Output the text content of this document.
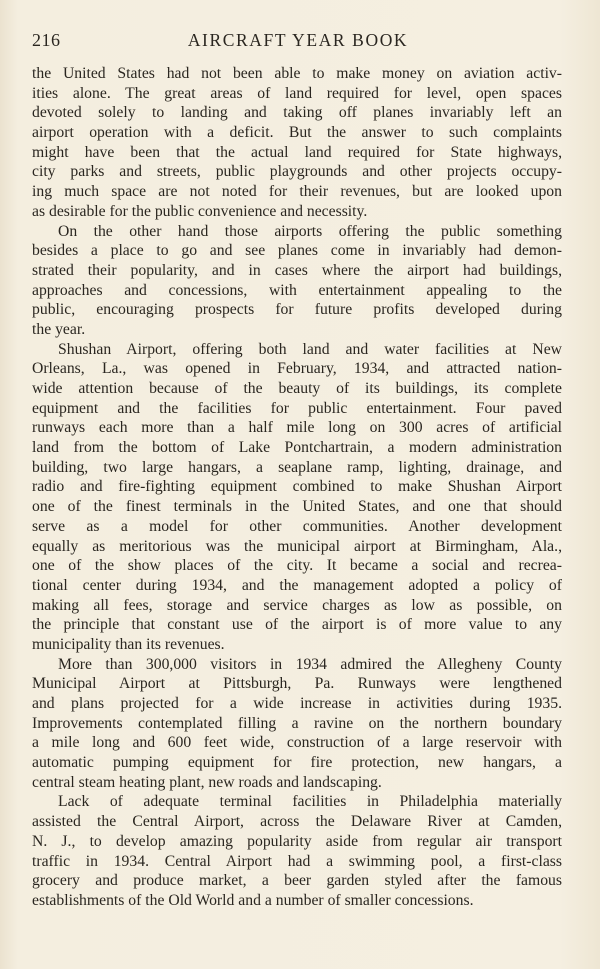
216	AIRCRAFT YEAR BOOK
the United States had not been able to make money on aviation activ-
ities alone. The great areas of land required for level, open spaces
devoted solely to landing and taking off planes invariably left an
airport operation with a deficit. But the answer to such complaints
might have been that the actual land required for State highways,
city parks and streets, public playgrounds and other projects occupy-
ing much space are not noted for their revenues, but are looked upon
as desirable for the public convenience and necessity.
On the other hand those airports offering the public something
besides a place to go and see planes come in invariably had demon-
strated their popularity, and in cases where the airport had buildings,
approaches and concessions, with entertainment appealing to the
public, encouraging prospects for future profits developed during
the year.
Shushan Airport, offering both land and water facilities at New
Orleans, La., was opened in February, 1934, and attracted nation-
wide attention because of the beauty of its buildings, its complete
equipment and the facilities for public entertainment. Four paved
runways each more than a half mile long on 300 acres of artificial
land from the bottom of Lake Pontchartrain, a modern administration
building, two large hangars, a seaplane ramp, lighting, drainage, and
radio and fire-fighting equipment combined to make Shushan Airport
one of the finest terminals in the United States, and one that should
serve as a model for other communities. Another development
equally as meritorious was the municipal airport at Birmingham, Ala.,
one of the show places of the city. It became a social and recrea-
tional center during 1934, and the management adopted a policy of
making all fees, storage and service charges as low as possible, on
the principle that constant use of the airport is of more value to any
municipality than its revenues.
More than 300,000 visitors in 1934 admired the Allegheny County
Municipal Airport at Pittsburgh, Pa. Runways were lengthened
and plans projected for a wide increase in activities during 1935.
Improvements contemplated filling a ravine on the northern boundary
a mile long and 600 feet wide, construction of a large reservoir with
automatic pumping equipment for fire protection, new hangars, a
central steam heating plant, new roads and landscaping.
Lack of adequate terminal facilities in Philadelphia materially
assisted the Central Airport, across the Delaware River at Camden,
N. J., to develop amazing popularity aside from regular air transport
traffic in 1934. Central Airport had a swimming pool, a first-class
grocery and produce market, a beer garden styled after the famous
establishments of the Old World and a number of smaller concessions.
